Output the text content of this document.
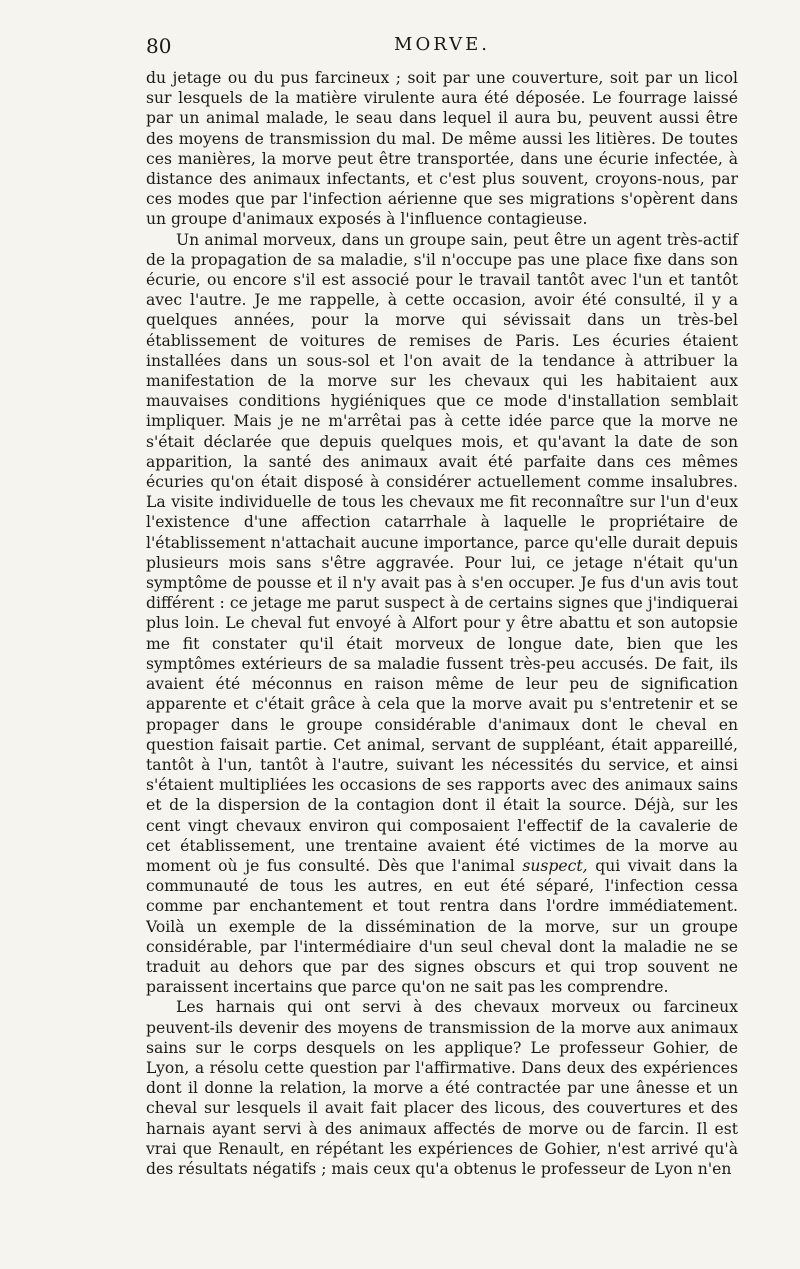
80	MORVE.

du jetage ou du pus farcineux ; soit par une couverture, soit par un licol sur lesquels de la matière virulente aura été déposée. Le fourrage laissé par un animal malade, le seau dans lequel il aura bu, peuvent aussi être des moyens de transmission du mal. De même aussi les litières. De toutes ces manières, la morve peut être transportée, dans une écurie infectée, à distance des animaux infectants, et c'est plus souvent, croyons-nous, par ces modes que par l'infection aérienne que ses migrations s'opèrent dans un groupe d'animaux exposés à l'influence contagieuse.

Un animal morveux, dans un groupe sain, peut être un agent très-actif de la propagation de sa maladie, s'il n'occupe pas une place fixe dans son écurie, ou encore s'il est associé pour le travail tantôt avec l'un et tantôt avec l'autre. Je me rappelle, à cette occasion, avoir été consulté, il y a quelques années, pour la morve qui sévissait dans un très-bel établissement de voitures de remises de Paris. Les écuries étaient installées dans un sous-sol et l'on avait de la tendance à attribuer la manifestation de la morve sur les chevaux qui les habitaient aux mauvaises conditions hygiéniques que ce mode d'installation semblait impliquer. Mais je ne m'arrêtai pas à cette idée parce que la morve ne s'était déclarée que depuis quelques mois, et qu'avant la date de son apparition, la santé des animaux avait été parfaite dans ces mêmes écuries qu'on était disposé à considérer actuellement comme insalubres. La visite individuelle de tous les chevaux me fit reconnaître sur l'un d'eux l'existence d'une affection catarrhale à laquelle le propriétaire de l'établissement n'attachait aucune importance, parce qu'elle durait depuis plusieurs mois sans s'être aggravée. Pour lui, ce jetage n'était qu'un symptôme de pousse et il n'y avait pas à s'en occuper. Je fus d'un avis tout différent : ce jetage me parut suspect à de certains signes que j'indiquerai plus loin. Le cheval fut envoyé à Alfort pour y être abattu et son autopsie me fit constater qu'il était morveux de longue date, bien que les symptômes extérieurs de sa maladie fussent très-peu accusés. De fait, ils avaient été méconnus en raison même de leur peu de signification apparente et c'était grâce à cela que la morve avait pu s'entretenir et se propager dans le groupe considérable d'animaux dont le cheval en question faisait partie. Cet animal, servant de suppléant, était appareillé, tantôt à l'un, tantôt à l'autre, suivant les nécessités du service, et ainsi s'étaient multipliées les occasions de ses rapports avec des animaux sains et de la dispersion de la contagion dont il était la source. Déjà, sur les cent vingt chevaux environ qui composaient l'effectif de la cavalerie de cet établissement, une trentaine avaient été victimes de la morve au moment où je fus consulté. Dès que l'animal suspect, qui vivait dans la communauté de tous les autres, en eut été séparé, l'infection cessa comme par enchantement et tout rentra dans l'ordre immédiatement. Voilà un exemple de la dissémination de la morve, sur un groupe considérable, par l'intermédiaire d'un seul cheval dont la maladie ne se traduit au dehors que par des signes obscurs et qui trop souvent ne paraissent incertains que parce qu'on ne sait pas les comprendre.

Les harnais qui ont servi à des chevaux morveux ou farcineux peuvent-ils devenir des moyens de transmission de la morve aux animaux sains sur le corps desquels on les applique? Le professeur Gohier, de Lyon, a résolu cette question par l'affirmative. Dans deux des expériences dont il donne la relation, la morve a été contractée par une ânesse et un cheval sur lesquels il avait fait placer des licous, des couvertures et des harnais ayant servi à des animaux affectés de morve ou de farcin. Il est vrai que Renault, en répétant les expériences de Gohier, n'est arrivé qu'à des résultats négatifs ; mais ceux qu'a obtenus le professeur de Lyon n'en
